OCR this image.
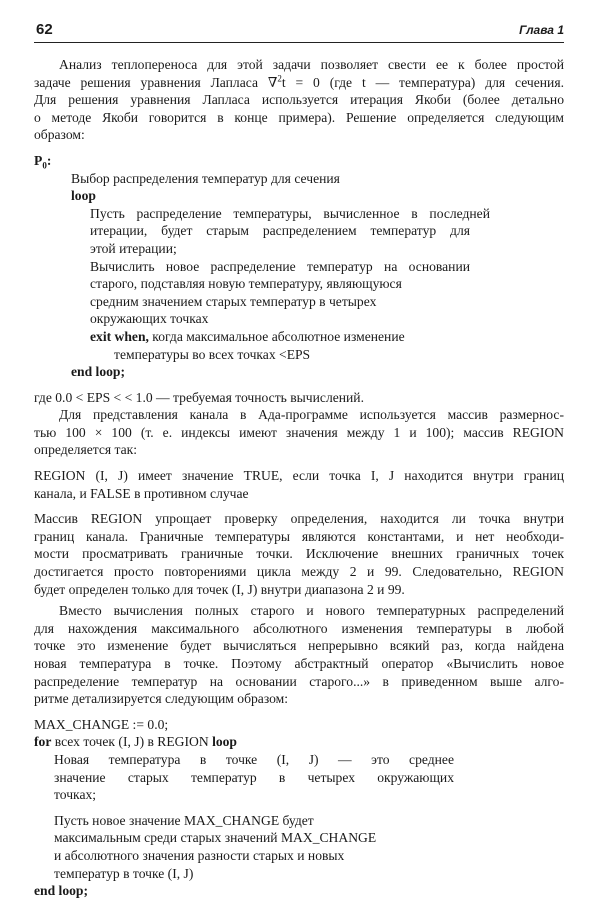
62	Глава 1

Анализ теплопереноса для этой задачи позволяет свести ее к более простой

задаче решения уравнения Лапласа ∇$^2$t = 0 (где t — температура) для сечения.

Для решения уравнения Лапласа используется итерация Якоби (более детально

о методе Якоби говорится в конце примера). Решение определяется следующим

образом:

$P_0$:

Выбор распределения температур для сечения

loop

Пусть распределение температуры, вычисленное в последней

итерации, будет старым распределением температур для

этой итерации;

Вычислить новое распределение температур на основании

старого, подставляя новую температуру, являющуюся

средним значением старых температур в четырех

окружающих точках

exit when, когда максимальное абсолютное изменение

температуры во всех точках <EPS

end loop;

где 0.0 < EPS < < 1.0 — требуемая точность вычислений.

Для представления канала в Ада-программе используется массив размернос-

тью 100 × 100 (т. е. индексы имеют значения между 1 и 100); массив REGION

определяется так:

REGION (I, J) имеет значение TRUE, если точка I, J находится внутри границ

канала, и FALSE в противном случае

Массив REGION упрощает проверку определения, находится ли точка внутри

границ канала. Граничные температуры являются константами, и нет необходи-

мости просматривать граничные точки. Исключение внешних граничных точек

достигается просто повторениями цикла между 2 и 99. Следовательно, REGION

будет определен только для точек (I, J) внутри диапазона 2 и 99.

Вместо вычисления полных старого и нового температурных распределений

для нахождения максимального абсолютного изменения температуры в любой

точке это изменение будет вычисляться непрерывно всякий раз, когда найдена

новая температура в точке. Поэтому абстрактный оператор «Вычислить новое

распределение температур на основании старого...» в приведенном выше алго-

ритме детализируется следующим образом:

MAX_CHANGE := 0.0;

for всех точек (I, J) в REGION loop

Новая температура в точке (I, J) — это среднее

значение старых температур в четырех окружающих

точках;

Пусть новое значение MAX_CHANGE будет

максимальным среди старых значений MAX_CHANGE

и абсолютного значения разности старых и новых

температур в точке (I, J)

end loop;
